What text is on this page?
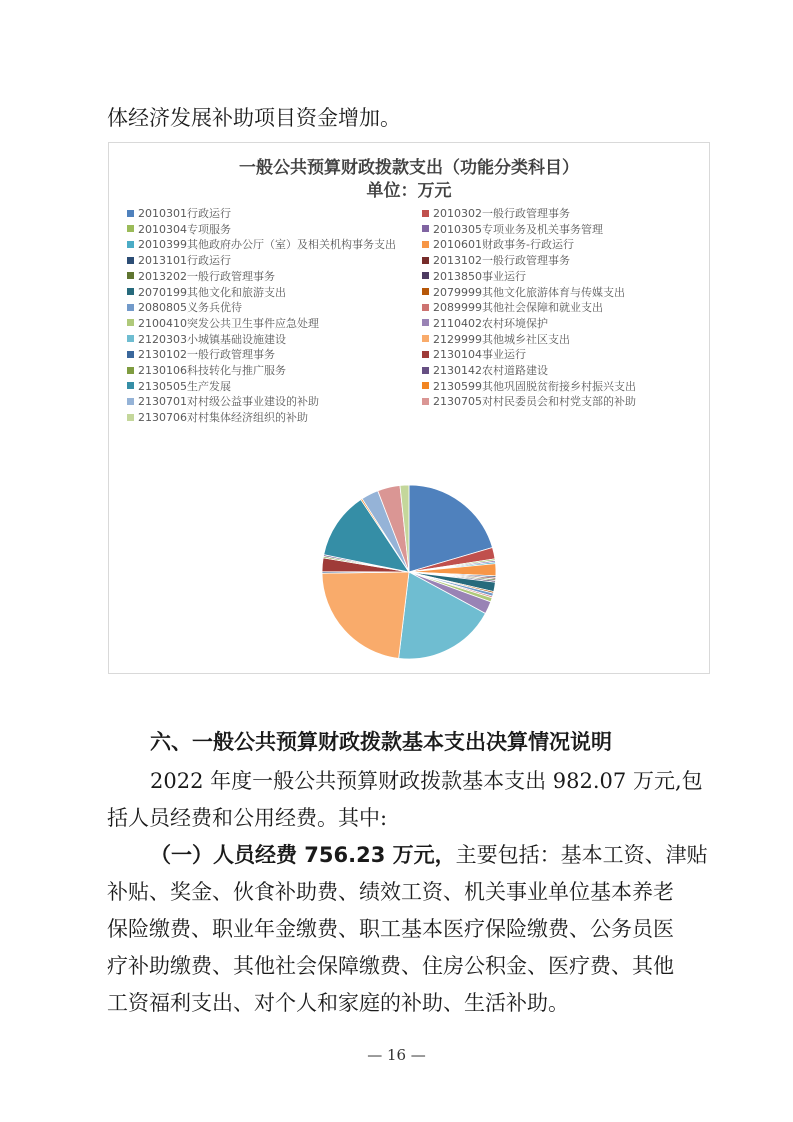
体经济发展补助项目资金增加。
一般公共预算财政拨款支出（功能分类科目）
单位：万元
2010301行政运行	2010302一般行政管理事务
2010304专项服务	2010305专项业务及机关事务管理
2010399其他政府办公厅（室）及相关机构事务支出	2010601财政事务-行政运行
2013101行政运行	2013102一般行政管理事务
2013202一般行政管理事务	2013850事业运行
2070199其他文化和旅游支出	2079999其他文化旅游体育与传媒支出
2080805义务兵优待	2089999其他社会保障和就业支出
2100410突发公共卫生事件应急处理	2110402农村环境保护
2120303小城镇基础设施建设	2129999其他城乡社区支出
2130102一般行政管理事务	2130104事业运行
2130106科技转化与推广服务	2130142农村道路建设
2130505生产发展	2130599其他巩固脱贫衔接乡村振兴支出
2130701对村级公益事业建设的补助	2130705对村民委员会和村党支部的补助
2130706对村集体经济组织的补助
六、一般公共预算财政拨款基本支出决算情况说明
2022 年度一般公共预算财政拨款基本支出 982.07 万元,包
括人员经费和公用经费。其中:
（一）人员经费 756.23 万元，主要包括：基本工资、津贴
补贴、奖金、伙食补助费、绩效工资、机关事业单位基本养老
保险缴费、职业年金缴费、职工基本医疗保险缴费、公务员医
疗补助缴费、其他社会保障缴费、住房公积金、医疗费、其他
工资福利支出、对个人和家庭的补助、生活补助。
— 16 —
